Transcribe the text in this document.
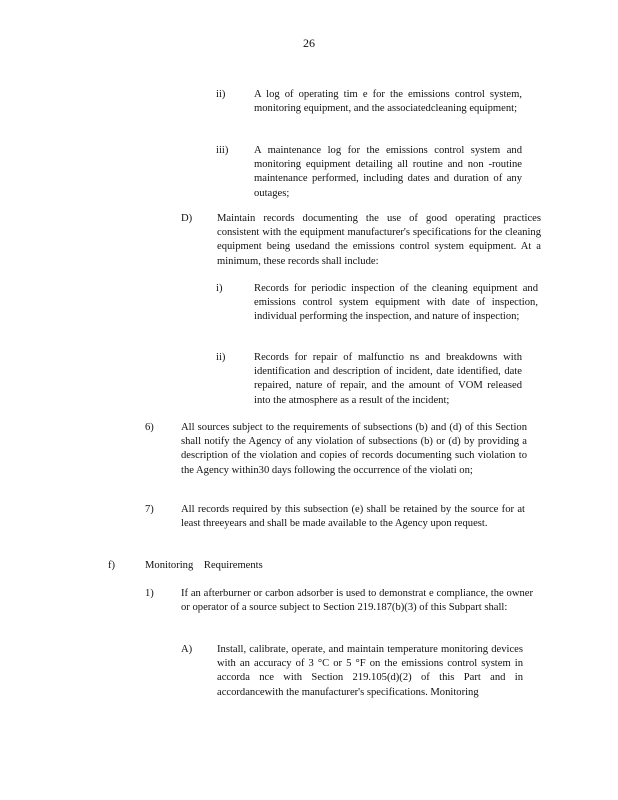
26
ii)	A log of operating tim e for the emissions control system, monitoring equipment, and the associatedcleaning equipment;
iii) A maintenance log for the emissions control system and monitoring equipment detailing all routine and non -routine maintenance performed, including dates and duration of any outages;
D) Maintain records documenting the use of good operating practices consistent with the equipment manufacturer's specifications for the cleaning equipment being usedand the emissions control system equipment. At a minimum, these records shall include:
i)	Records for periodic inspection of the cleaning equipment and emissions control system equipment with date of inspection, individual performing the inspection, and nature of inspection;
ii)	Records for repair of malfunctio ns and breakdowns with identification and description of incident, date identified, date repaired, nature of repair, and the amount of VOM released into the atmosphere as a result of the incident;
6)	All sources subject to the requirements of subsections (b) and (d) of this Section shall notify the Agency of any violation of subsections (b) or (d) by providing a description of the violation and copies of records documenting such violation to the Agency within30 days following the occurrence of the violati on;
7)	All records required by this subsection (e) shall be retained by the source for at least threeyears and shall be made available to the Agency upon request.
f)	Monitoring Requirements
1)	If an afterburner or carbon adsorber is used to demonstrat e compliance, the owner or operator of a source subject to Section 219.187(b)(3) of this Subpart shall:
A) Install, calibrate, operate, and maintain temperature monitoring devices with an accuracy of 3 °C or 5 °F on the emissions control system in accorda nce with Section 219.105(d)(2) of this Part and in accordancewith the manufacturer's specifications. Monitoring
